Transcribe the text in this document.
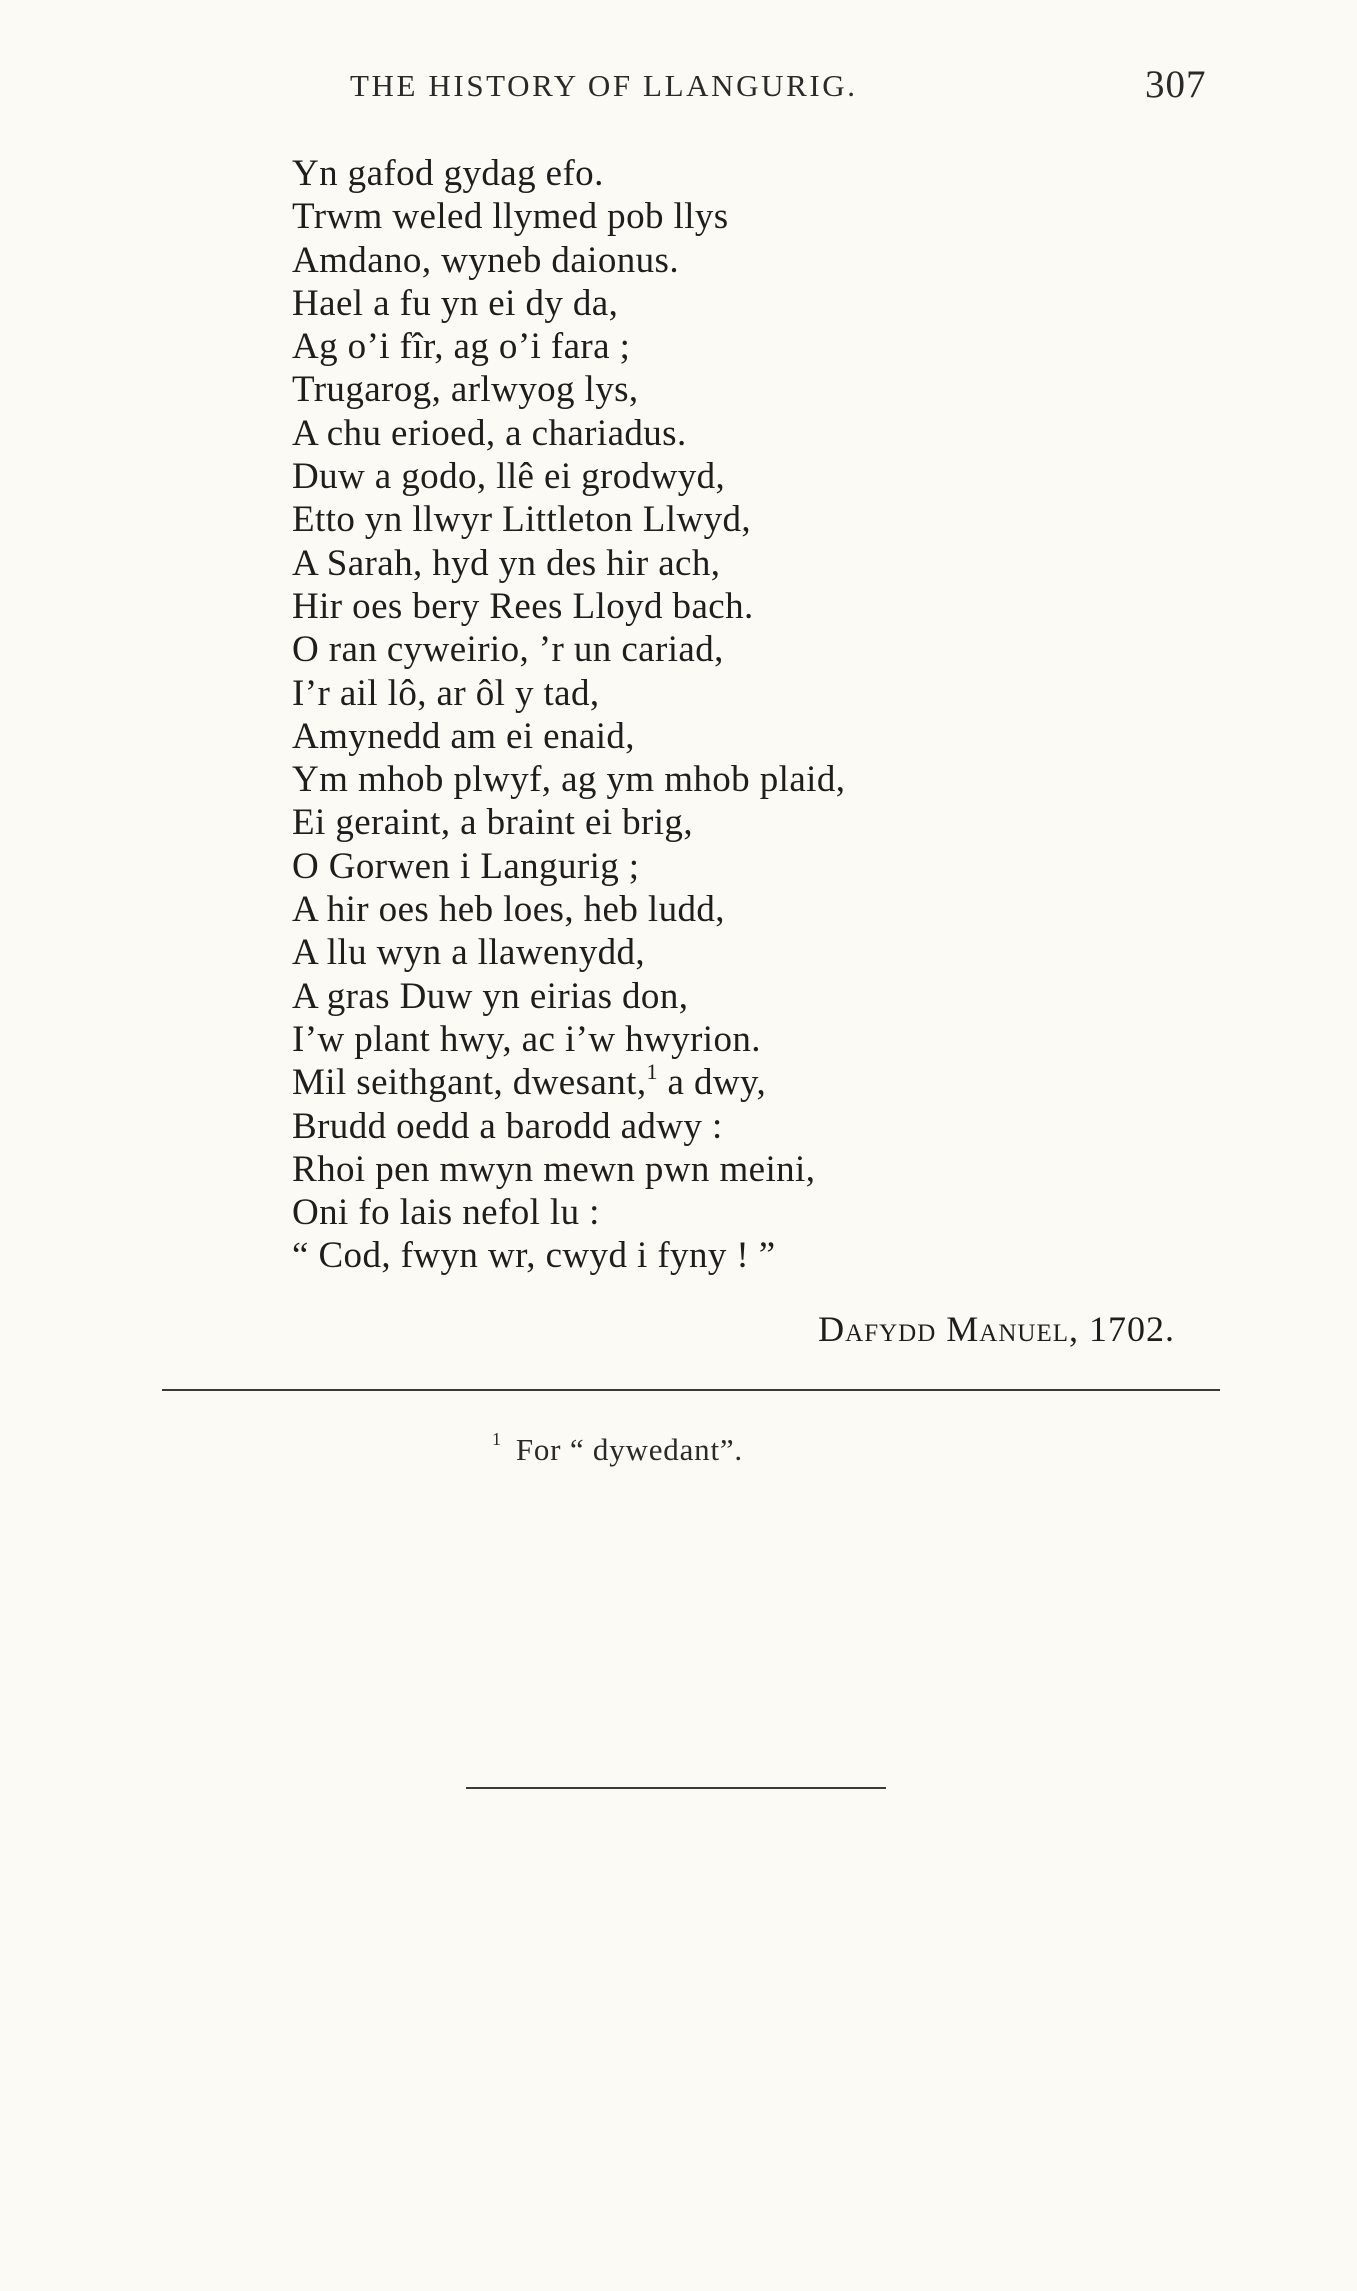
THE HISTORY OF LLANGURIG.	307
Yn gafod gydag efo.
Trwm weled llymed pob llys
Amdano, wyneb daionus.
Hael a fu yn ei dy da,
Ag o’i fîr, ag o’i fara ;
Trugarog, arlwyog lys,
A chu erioed, a chariadus.
Duw a godo, llê ei grodwyd,
Etto yn llwyr Littleton Llwyd,
A Sarah, hyd yn des hir ach,
Hir oes bery Rees Lloyd bach.
O ran cyweirio, ’r un cariad,
I’r ail lô, ar ôl y tad,
Amynedd am ei enaid,
Ym mhob plwyf, ag ym mhob plaid,
Ei geraint, a braint ei brig,
O Gorwen i Langurig ;
A hir oes heb loes, heb ludd,
A llu wyn a llawenydd,
A gras Duw yn eirias don,
I’w plant hwy, ac i’w hwyrion.
Mil seithgant, dwesant,$^1$ a dwy,
Brudd oedd a barodd adwy :
Rhoi pen mwyn mewn pwn meini,
Oni fo lais nefol lu :
“ Cod, fwyn wr, cwyd i fyny ! ”
Dafydd Manuel, 1702.
$^1$ For “ dywedant”.
